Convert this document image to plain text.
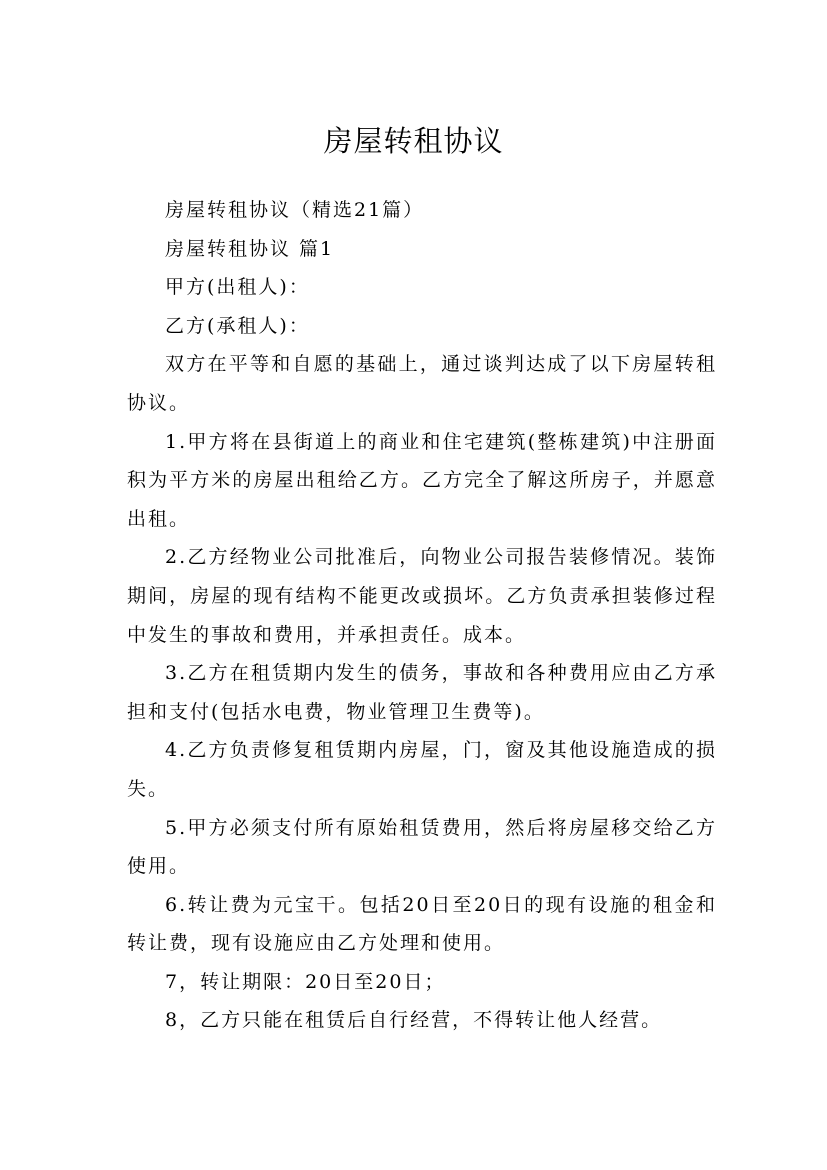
房屋转租协议

房屋转租协议（精选21篇）

房屋转租协议 篇1

甲方(出租人)：

乙方(承租人)：

双方在平等和自愿的基础上，通过谈判达成了以下房屋转租协议。

1.甲方将在县街道上的商业和住宅建筑(整栋建筑)中注册面积为平方米的房屋出租给乙方。乙方完全了解这所房子，并愿意出租。

2.乙方经物业公司批准后，向物业公司报告装修情况。装饰期间，房屋的现有结构不能更改或损坏。乙方负责承担装修过程中发生的事故和费用，并承担责任。成本。

3.乙方在租赁期内发生的债务，事故和各种费用应由乙方承担和支付(包括水电费，物业管理卫生费等)。

4.乙方负责修复租赁期内房屋，门，窗及其他设施造成的损失。

5.甲方必须支付所有原始租赁费用，然后将房屋移交给乙方使用。

6.转让费为元宝干。包括20日至20日的现有设施的租金和转让费，现有设施应由乙方处理和使用。

7，转让期限：20日至20日；

8，乙方只能在租赁后自行经营，不得转让他人经营。
